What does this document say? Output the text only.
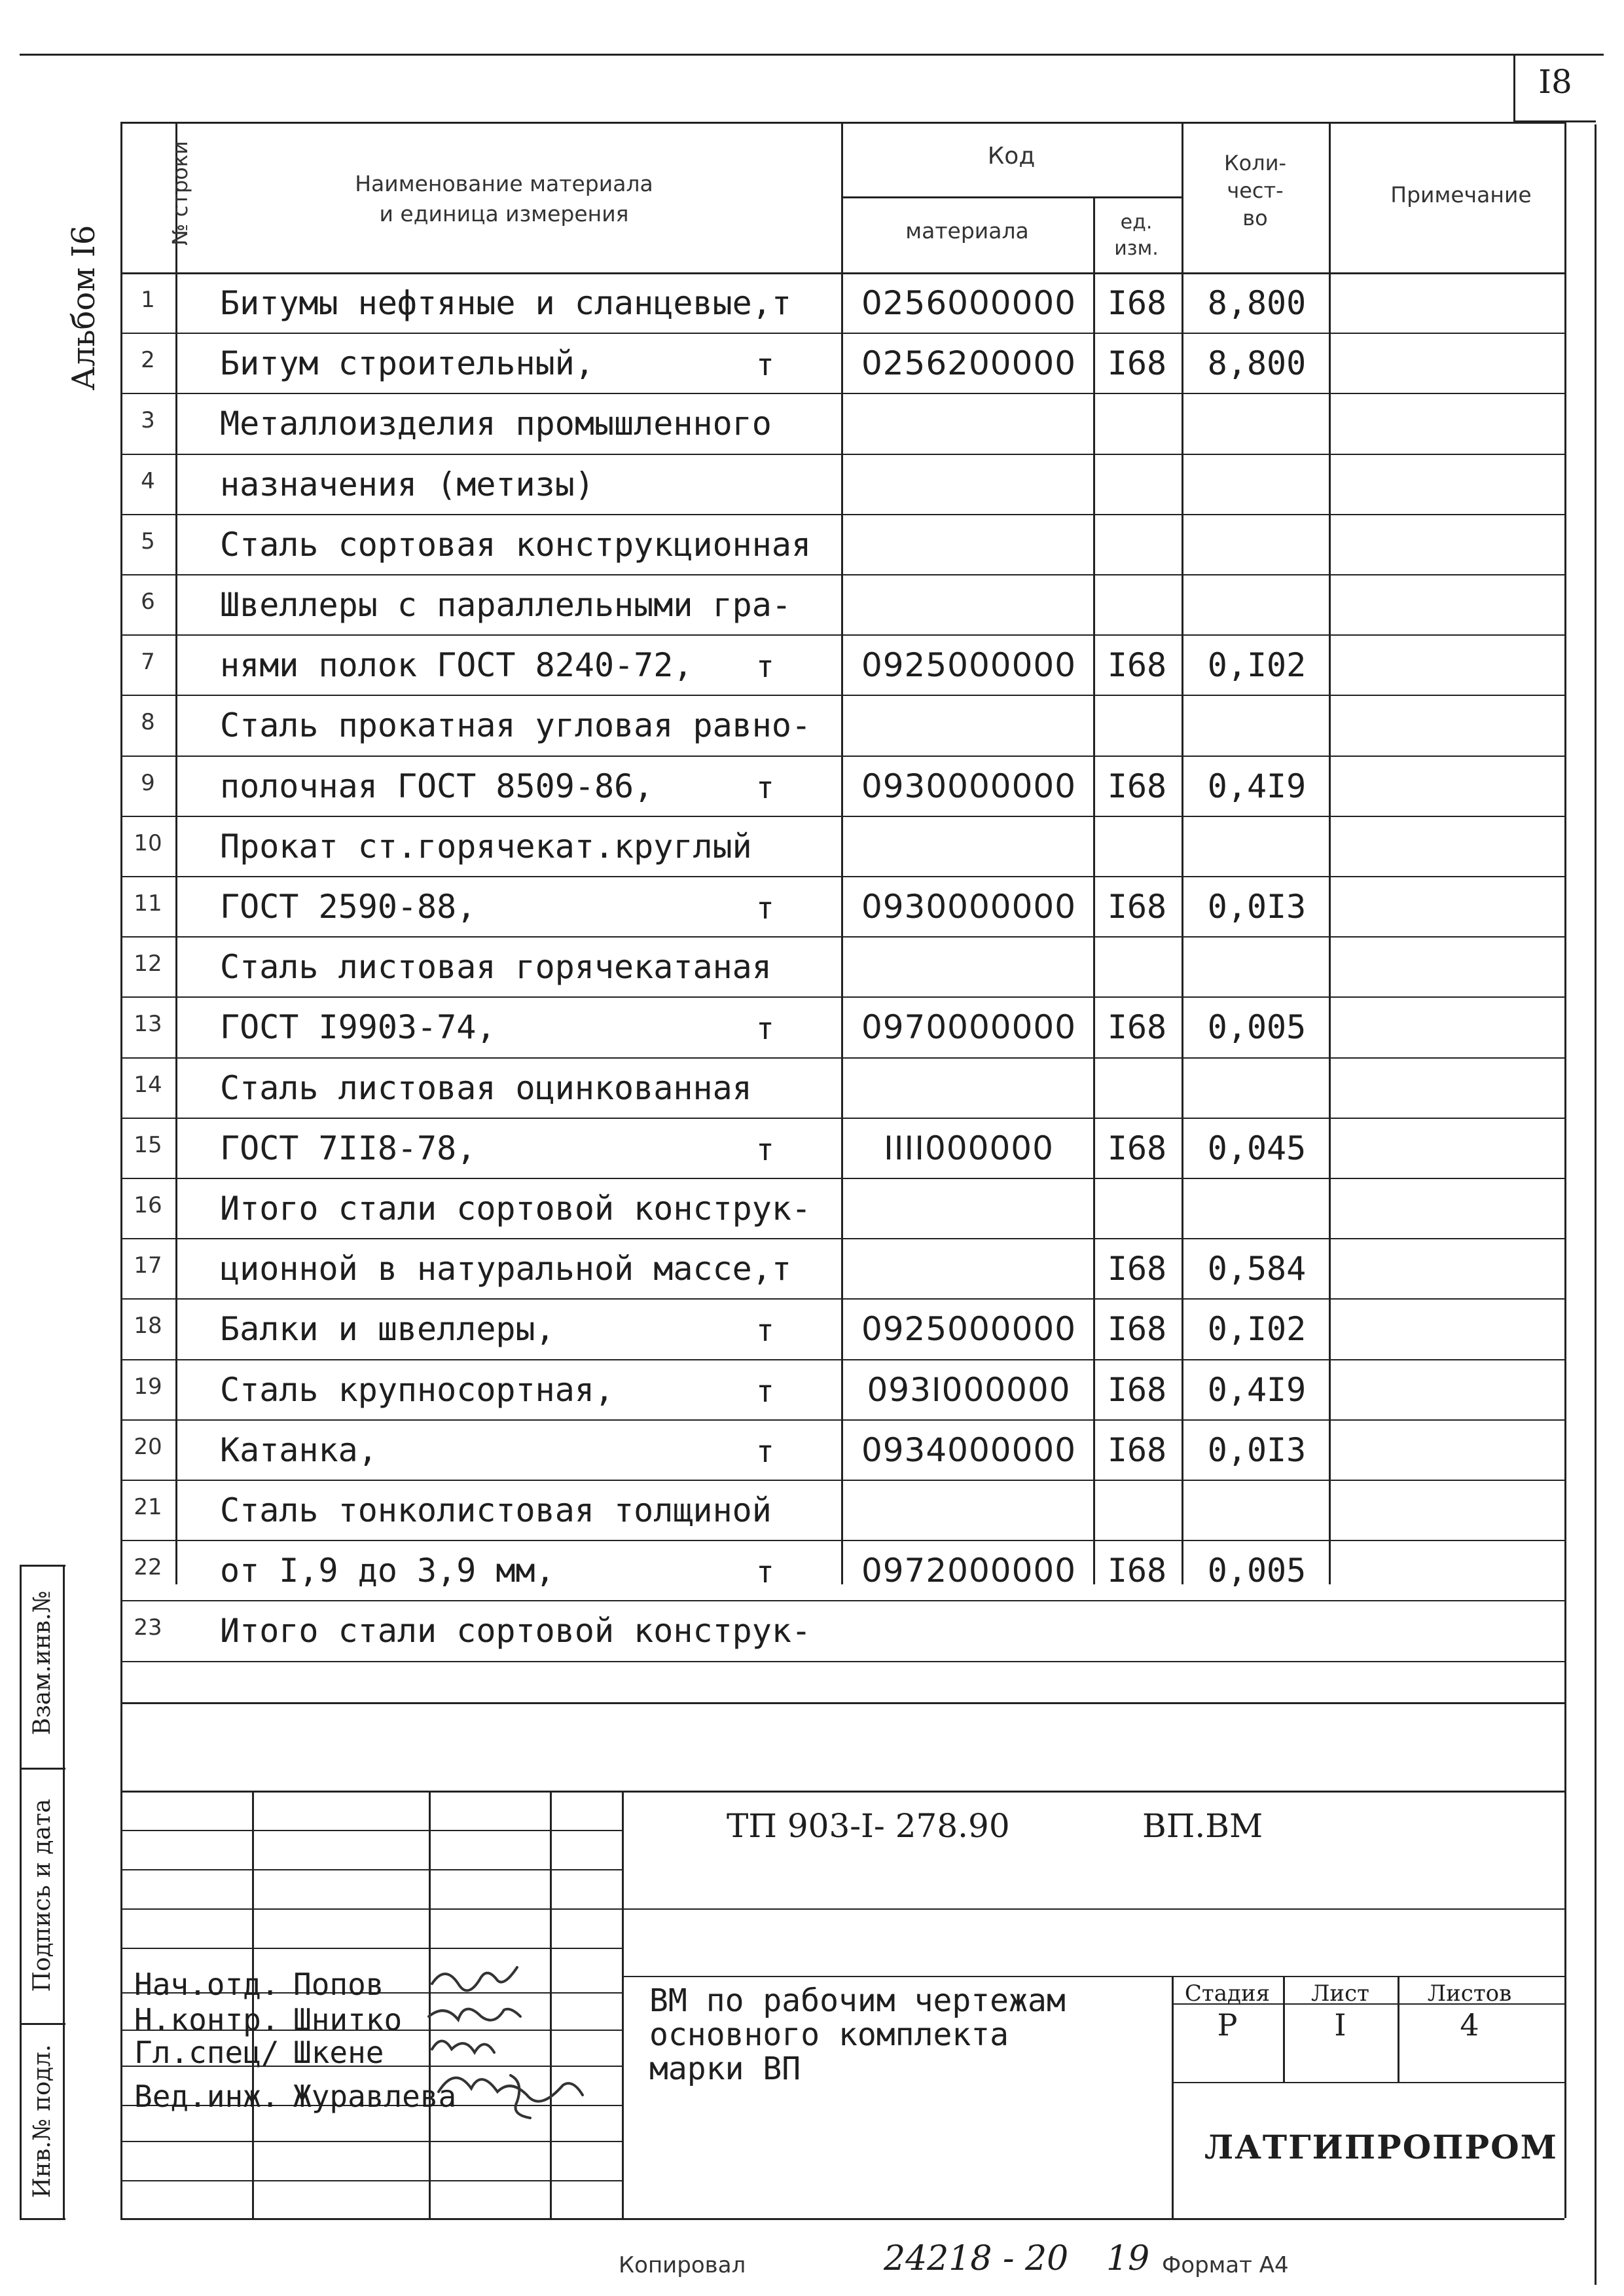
I8
Альбом I6
№ строки	Наименование материала
и единица измерения
Код
материала	ед.
изм.
Коли-
чест-
во
Примечание
1	Битумы нефтяные и сланцевые,т	0256000000 I68	8,800
2	Битум строительный,	т	0256200000 I68	8,800
3	Металлоизделия промышленного
4	назначения (метизы)
5	Сталь сортовая конструкционная
6	Швеллеры с параллельными гра-
7	нями полок ГОСТ 8240-72, т	0925000000 I68	0,I02
8	Сталь прокатная угловая равно-
9	полочная ГОСТ 8509-86,	т	0930000000 I68	0,4I9
10	Прокат ст.горячекат.круглый
11	ГОСТ 2590-88,	т	0930000000 I68	0,0I3
12	Сталь листовая горячекатаная
13	ГОСТ I9903-74,	т	0970000000 I68	0,005
14	Сталь листовая оцинкованная
15	ГОСТ 7II8-78,	т	IIII000000	I68	0,045
16	Итого стали сортовой конструк-
17	ционной в натуральной массе,т	I68	0,584
18	Балки и швеллеры,	т	0925000000 I68	0,I02
19	Сталь крупносортная,	т	093I000000	I68	0,4I9
20	Катанка,	т	0934000000 I68	0,0I3
21	Сталь тонколистовая толщиной
22	от I,9 до 3,9 мм,	т	0972000000 I68	0,005
23	Итого стали сортовой конструк-
Взам.инв.№
Подпись и дата
Инв.№ подл.
ТП 903-I- 278.90	ВП.ВМ
Нач.отд. Попов
Н.контр. Шнитко
Гл.спец/ Шкене
Вед.инж. Журавлева
ВМ по рабочим чертежам
основного комплекта
марки ВП
Стадия	Лист	Листов
Р	I	4
ЛАТГИПРОПРОМ
Копировал	24218 - 20 19 Формат А4
